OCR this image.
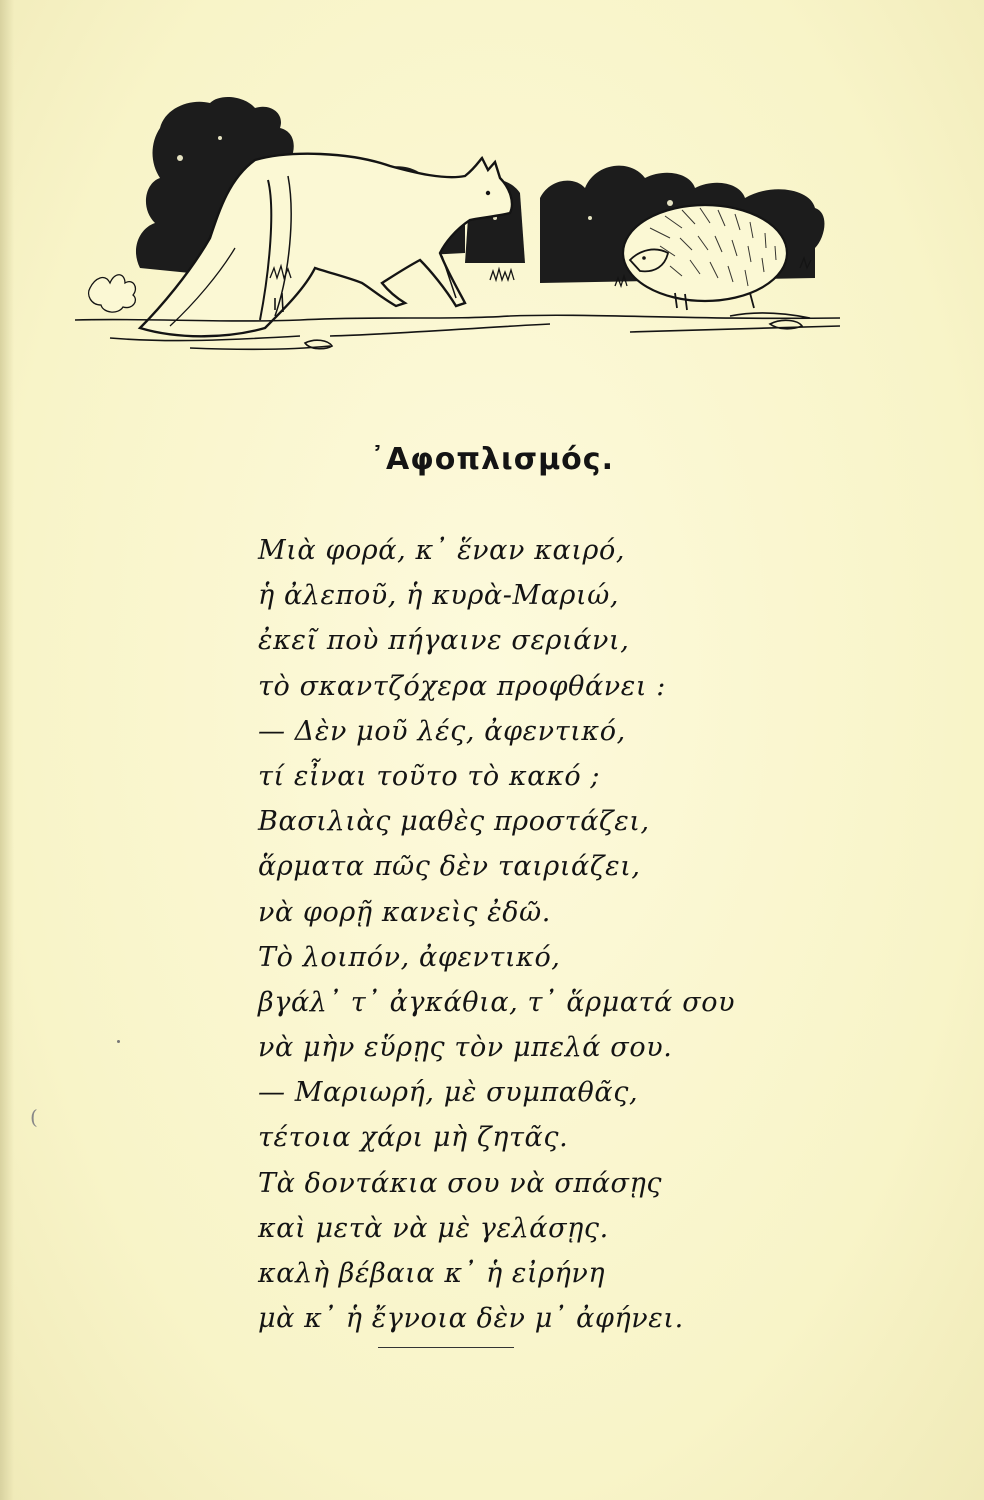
᾿Αφοπλισμός.
Μιὰ φορά, κ᾿ ἕναν καιρό,
ἡ ἀλεποῦ, ἡ κυρὰ-Μαριώ,
ἐκεῖ ποὺ πήγαινε σεριάνι,
τὸ σκαντζόχερα προφθάνει :
— Δὲν μοῦ λές, ἀφεντικό,
τί εἶναι τοῦτο τὸ κακό ;
Βασιλιὰς μαθὲς προστάζει,
ἅρματα πῶς δὲν ταιριάζει,
νὰ φορῇ κανεὶς ἐδῶ.
Τὸ λοιπόν, ἀφεντικό,
βγάλ᾿ τ᾿ ἀγκάθια, τ᾿ ἅρματά σου
νὰ μὴν εὕρῃς τὸν μπελά σου.
— Μαριωρή, μὲ συμπαθᾶς,
τέτοια χάρι μὴ ζητᾶς.
Τὰ δοντάκια σου νὰ σπάσῃς
καὶ μετὰ νὰ μὲ γελάσῃς.
καλὴ βέβαια κ᾿ ἡ εἰρήνη
μὰ κ᾿ ἡ ἔγνοια δὲν μ᾿ ἀφήνει.
(
